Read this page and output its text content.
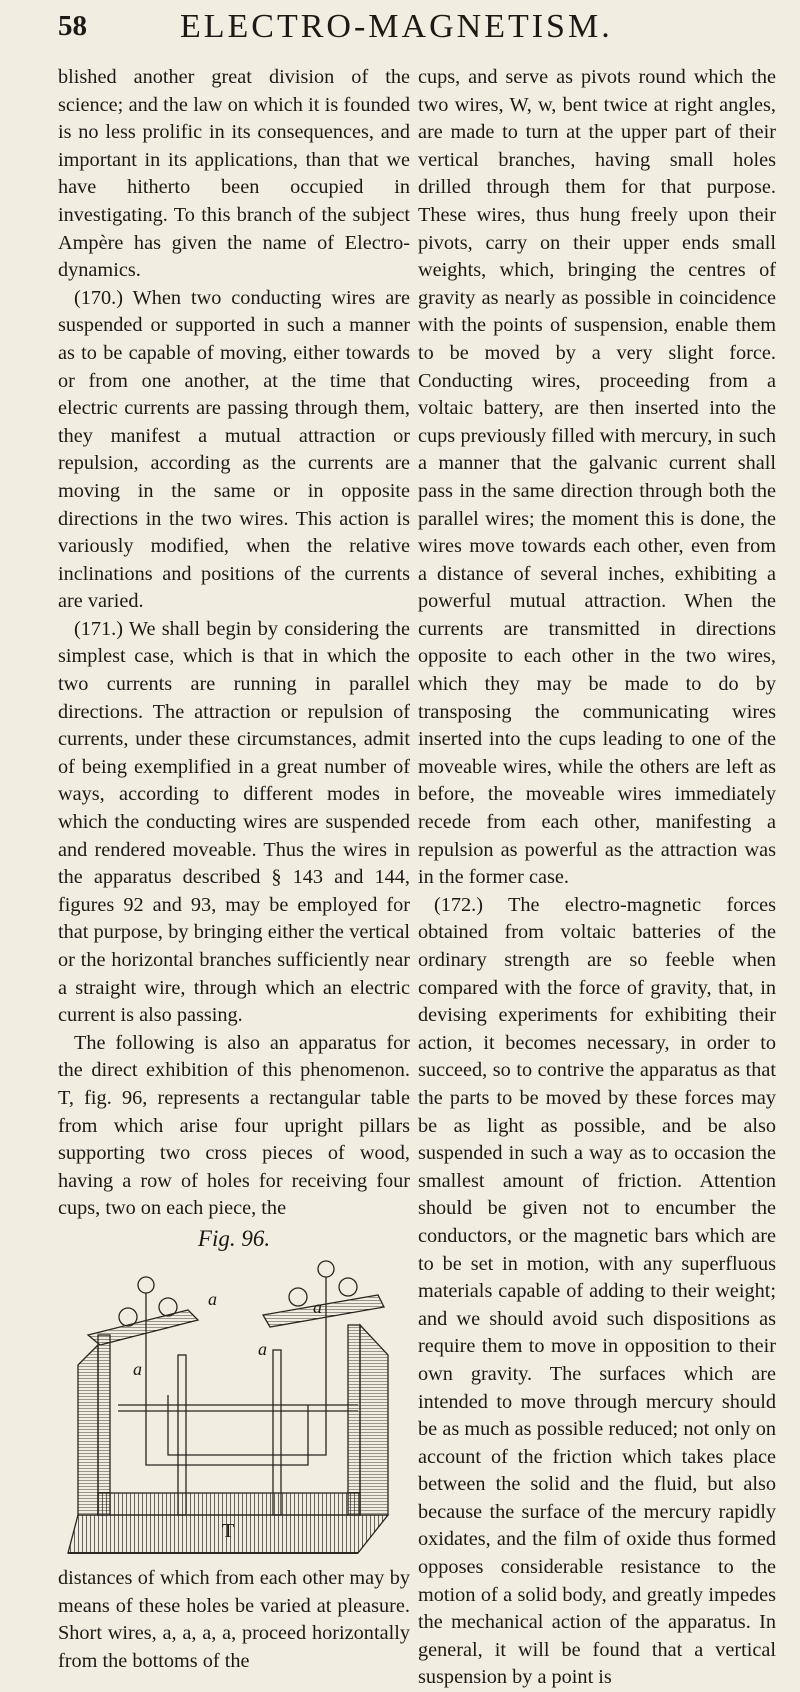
58	ELECTRO-MAGNETISM.

blished another great division of the science; and the law on which it is founded is no less prolific in its consequences, and important in its applications, than that we have hitherto been occupied in investigating. To this branch of the subject Ampère has given the name of Electro-dynamics.

(170.) When two conducting wires are suspended or supported in such a manner as to be capable of moving, either towards or from one another, at the time that electric currents are passing through them, they manifest a mutual attraction or repulsion, according as the currents are moving in the same or in opposite directions in the two wires. This action is variously modified, when the relative inclinations and positions of the currents are varied.

(171.) We shall begin by considering the simplest case, which is that in which the two currents are running in parallel directions. The attraction or repulsion of currents, under these circumstances, admit of being exemplified in a great number of ways, according to different modes in which the conducting wires are suspended and rendered moveable. Thus the wires in the apparatus described § 143 and 144, figures 92 and 93, may be employed for that purpose, by bringing either the vertical or the horizontal branches sufficiently near a straight wire, through which an electric current is also passing.

The following is also an apparatus for the direct exhibition of this phenomenon. T, fig. 96, represents a rectangular table from which arise four upright pillars supporting two cross pieces of wood, having a row of holes for receiving four cups, two on each piece, the

Fig. 96.
a
a
a
a
T

distances of which from each other may by means of these holes be varied at pleasure. Short wires, a, a, a, a, proceed horizontally from the bottoms of the

cups, and serve as pivots round which the two wires, W, w, bent twice at right angles, are made to turn at the upper part of their vertical branches, having small holes drilled through them for that purpose. These wires, thus hung freely upon their pivots, carry on their upper ends small weights, which, bringing the centres of gravity as nearly as possible in coincidence with the points of suspension, enable them to be moved by a very slight force. Conducting wires, proceeding from a voltaic battery, are then inserted into the cups previously filled with mercury, in such a manner that the galvanic current shall pass in the same direction through both the parallel wires; the moment this is done, the wires move towards each other, even from a distance of several inches, exhibiting a powerful mutual attraction. When the currents are transmitted in directions opposite to each other in the two wires, which they may be made to do by transposing the communicating wires inserted into the cups leading to one of the moveable wires, while the others are left as before, the moveable wires immediately recede from each other, manifesting a repulsion as powerful as the attraction was in the former case.

(172.) The electro-magnetic forces obtained from voltaic batteries of the ordinary strength are so feeble when compared with the force of gravity, that, in devising experiments for exhibiting their action, it becomes necessary, in order to succeed, so to contrive the apparatus as that the parts to be moved by these forces may be as light as possible, and be also suspended in such a way as to occasion the smallest amount of friction. Attention should be given not to encumber the conductors, or the magnetic bars which are to be set in motion, with any superfluous materials capable of adding to their weight; and we should avoid such dispositions as require them to move in opposition to their own gravity. The surfaces which are intended to move through mercury should be as much as possible reduced; not only on account of the friction which takes place between the solid and the fluid, but also because the surface of the mercury rapidly oxidates, and the film of oxide thus formed opposes considerable resistance to the motion of a solid body, and greatly impedes the mechanical action of the apparatus. In general, it will be found that a vertical suspension by a point is
